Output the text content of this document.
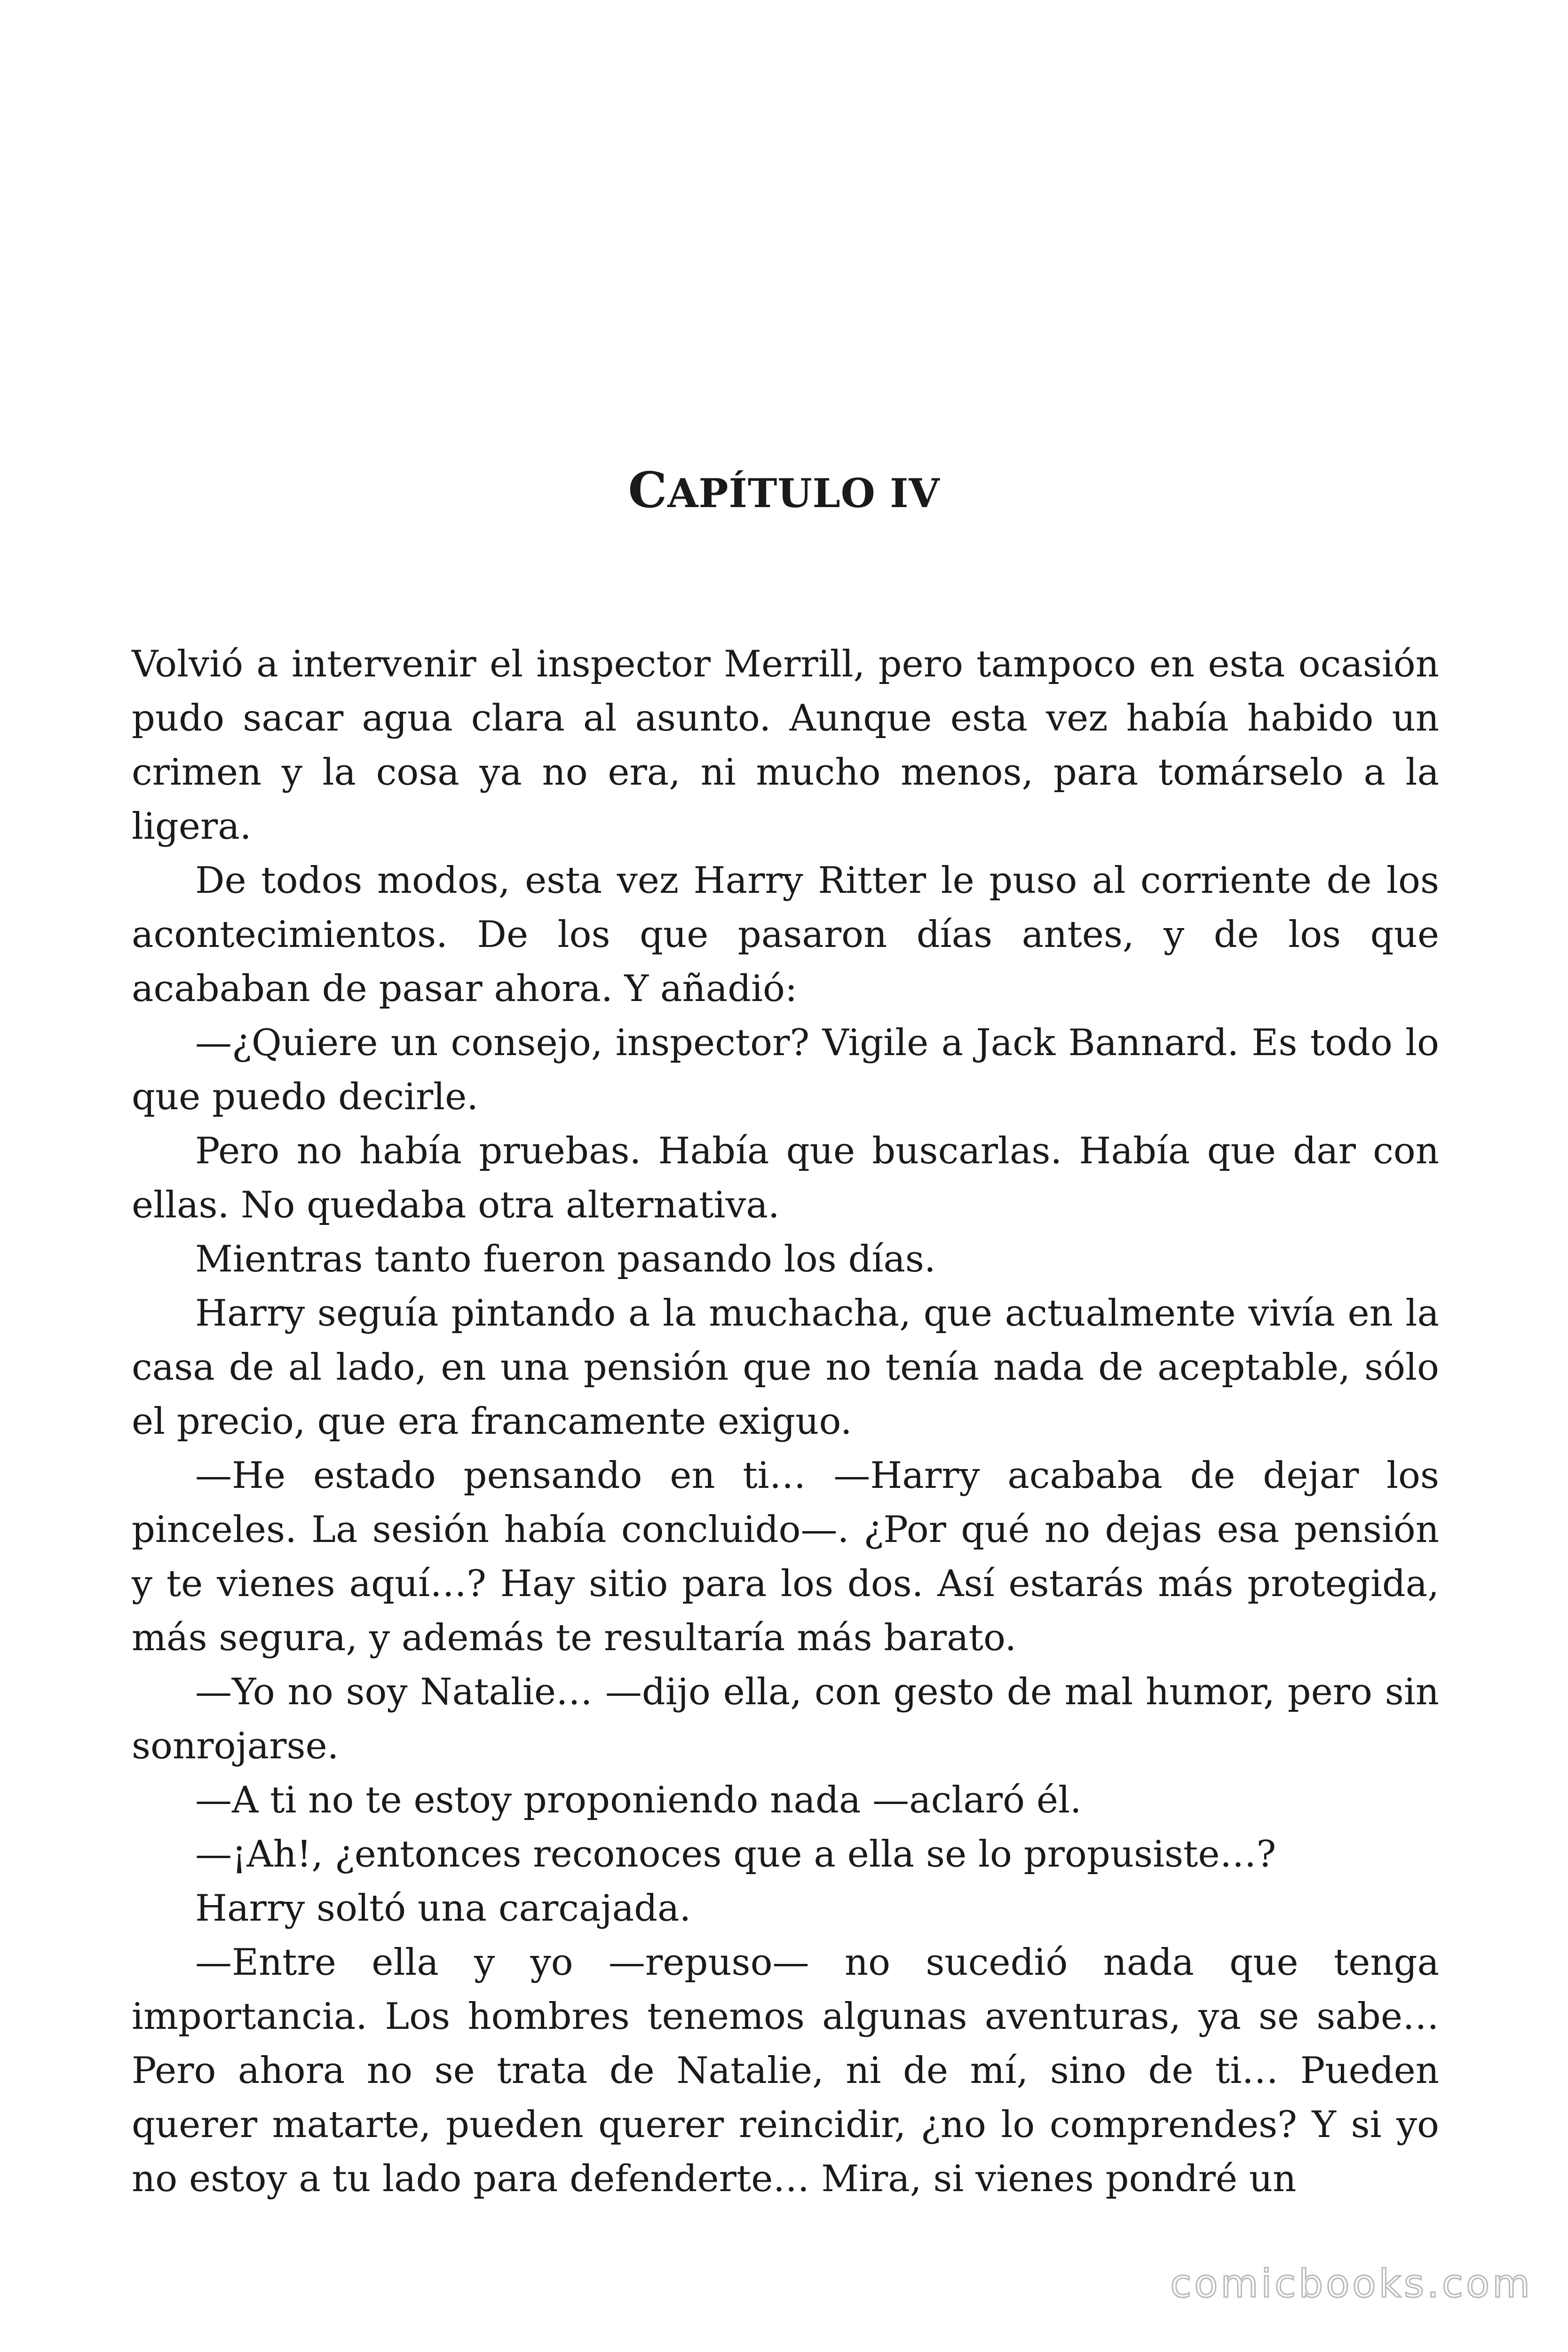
CAPÍTULO IV

Volvió a intervenir el inspector Merrill, pero tampoco en esta ocasión pudo sacar agua clara al asunto. Aunque esta vez había habido un crimen y la cosa ya no era, ni mucho menos, para tomárselo a la ligera.

De todos modos, esta vez Harry Ritter le puso al corriente de los acontecimientos. De los que pasaron días antes, y de los que acababan de pasar ahora. Y añadió:

—¿Quiere un consejo, inspector? Vigile a Jack Bannard. Es todo lo que puedo decirle.

Pero no había pruebas. Había que buscarlas. Había que dar con ellas. No quedaba otra alternativa.

Mientras tanto fueron pasando los días.

Harry seguía pintando a la muchacha, que actualmente vivía en la casa de al lado, en una pensión que no tenía nada de aceptable, sólo el precio, que era francamente exiguo.

—He estado pensando en ti… —Harry acababa de dejar los pinceles. La sesión había concluido—. ¿Por qué no dejas esa pensión y te vienes aquí…? Hay sitio para los dos. Así estarás más protegida, más segura, y además te resultaría más barato.

—Yo no soy Natalie… —dijo ella, con gesto de mal humor, pero sin sonrojarse.

—A ti no te estoy proponiendo nada —aclaró él.

—¡Ah!, ¿entonces reconoces que a ella se lo propusiste…?

Harry soltó una carcajada.

—Entre ella y yo —repuso— no sucedió nada que tenga importancia. Los hombres tenemos algunas aventuras, ya se sabe… Pero ahora no se trata de Natalie, ni de mí, sino de ti… Pueden querer matarte, pueden querer reincidir, ¿no lo comprendes? Y si yo no estoy a tu lado para defenderte… Mira, si vienes pondré un

comicbooks.com
